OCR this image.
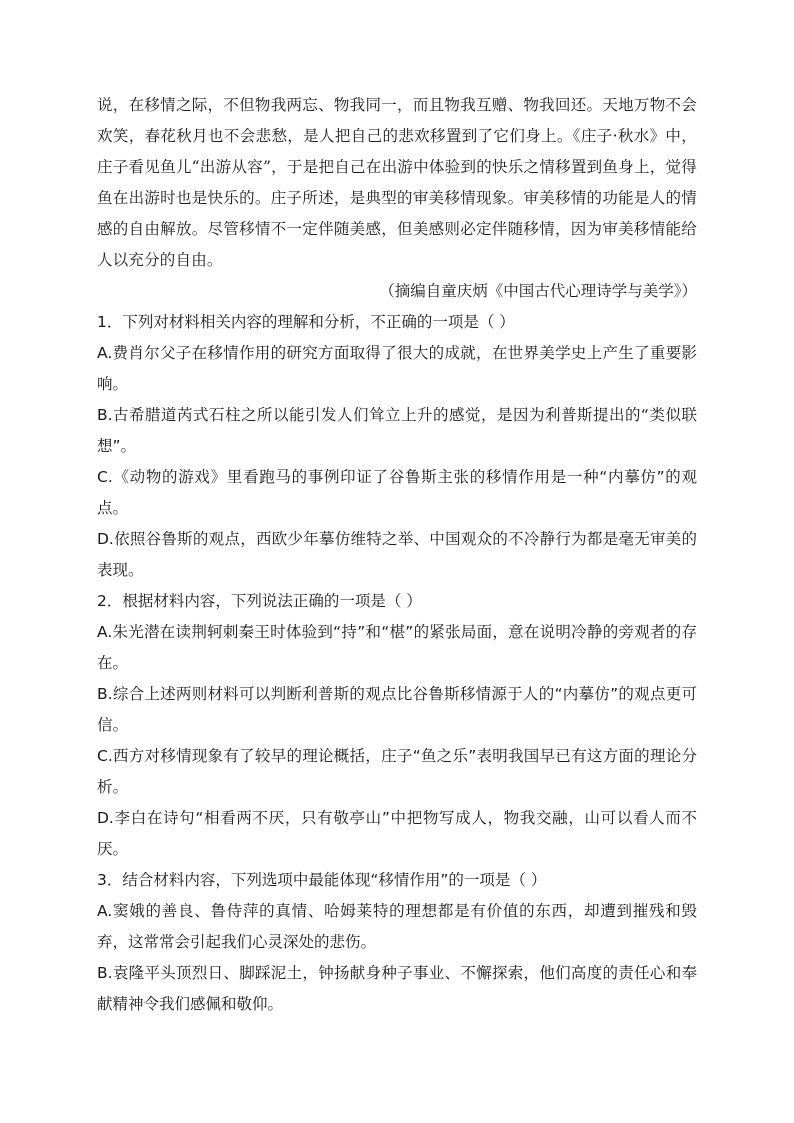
说，在移情之际，不但物我两忘、物我同一，而且物我互赠、物我回还。天地万物不会欢笑，春花秋月也不会悲愁，是人把自己的悲欢移置到了它们身上。《庄子·秋水》中，庄子看见鱼儿“出游从容”，于是把自己在出游中体验到的快乐之情移置到鱼身上，觉得鱼在出游时也是快乐的。庄子所述，是典型的审美移情现象。审美移情的功能是人的情感的自由解放。尽管移情不一定伴随美感，但美感则必定伴随移情，因为审美移情能给人以充分的自由。

（摘编自童庆炳《中国古代心理诗学与美学》）

1．下列对材料相关内容的理解和分析，不正确的一项是（ ）

A.费肖尔父子在移情作用的研究方面取得了很大的成就，在世界美学史上产生了重要影响。

B.古希腊道芮式石柱之所以能引发人们耸立上升的感觉，是因为利普斯提出的“类似联想”。

C.《动物的游戏》里看跑马的事例印证了谷鲁斯主张的移情作用是一种“内摹仿”的观点。

D.依照谷鲁斯的观点，西欧少年摹仿维特之举、中国观众的不冷静行为都是毫无审美的表现。

2．根据材料内容，下列说法正确的一项是（ ）

A.朱光潜在读荆轲刺秦王时体验到“持”和“椹”的紧张局面，意在说明冷静的旁观者的存在。

B.综合上述两则材料可以判断利普斯的观点比谷鲁斯移情源于人的“内摹仿”的观点更可信。

C.西方对移情现象有了较早的理论概括，庄子“鱼之乐”表明我国早已有这方面的理论分析。

D.李白在诗句“相看两不厌，只有敬亭山”中把物写成人，物我交融，山可以看人而不厌。

3．结合材料内容，下列选项中最能体现“移情作用”的一项是（ ）

A.窦娥的善良、鲁侍萍的真情、哈姆莱特的理想都是有价值的东西，却遭到摧残和毁弃，这常常会引起我们心灵深处的悲伤。

B.袁隆平头顶烈日、脚踩泥土，钟扬献身种子事业、不懈探索，他们高度的责任心和奉献精神令我们感佩和敬仰。
